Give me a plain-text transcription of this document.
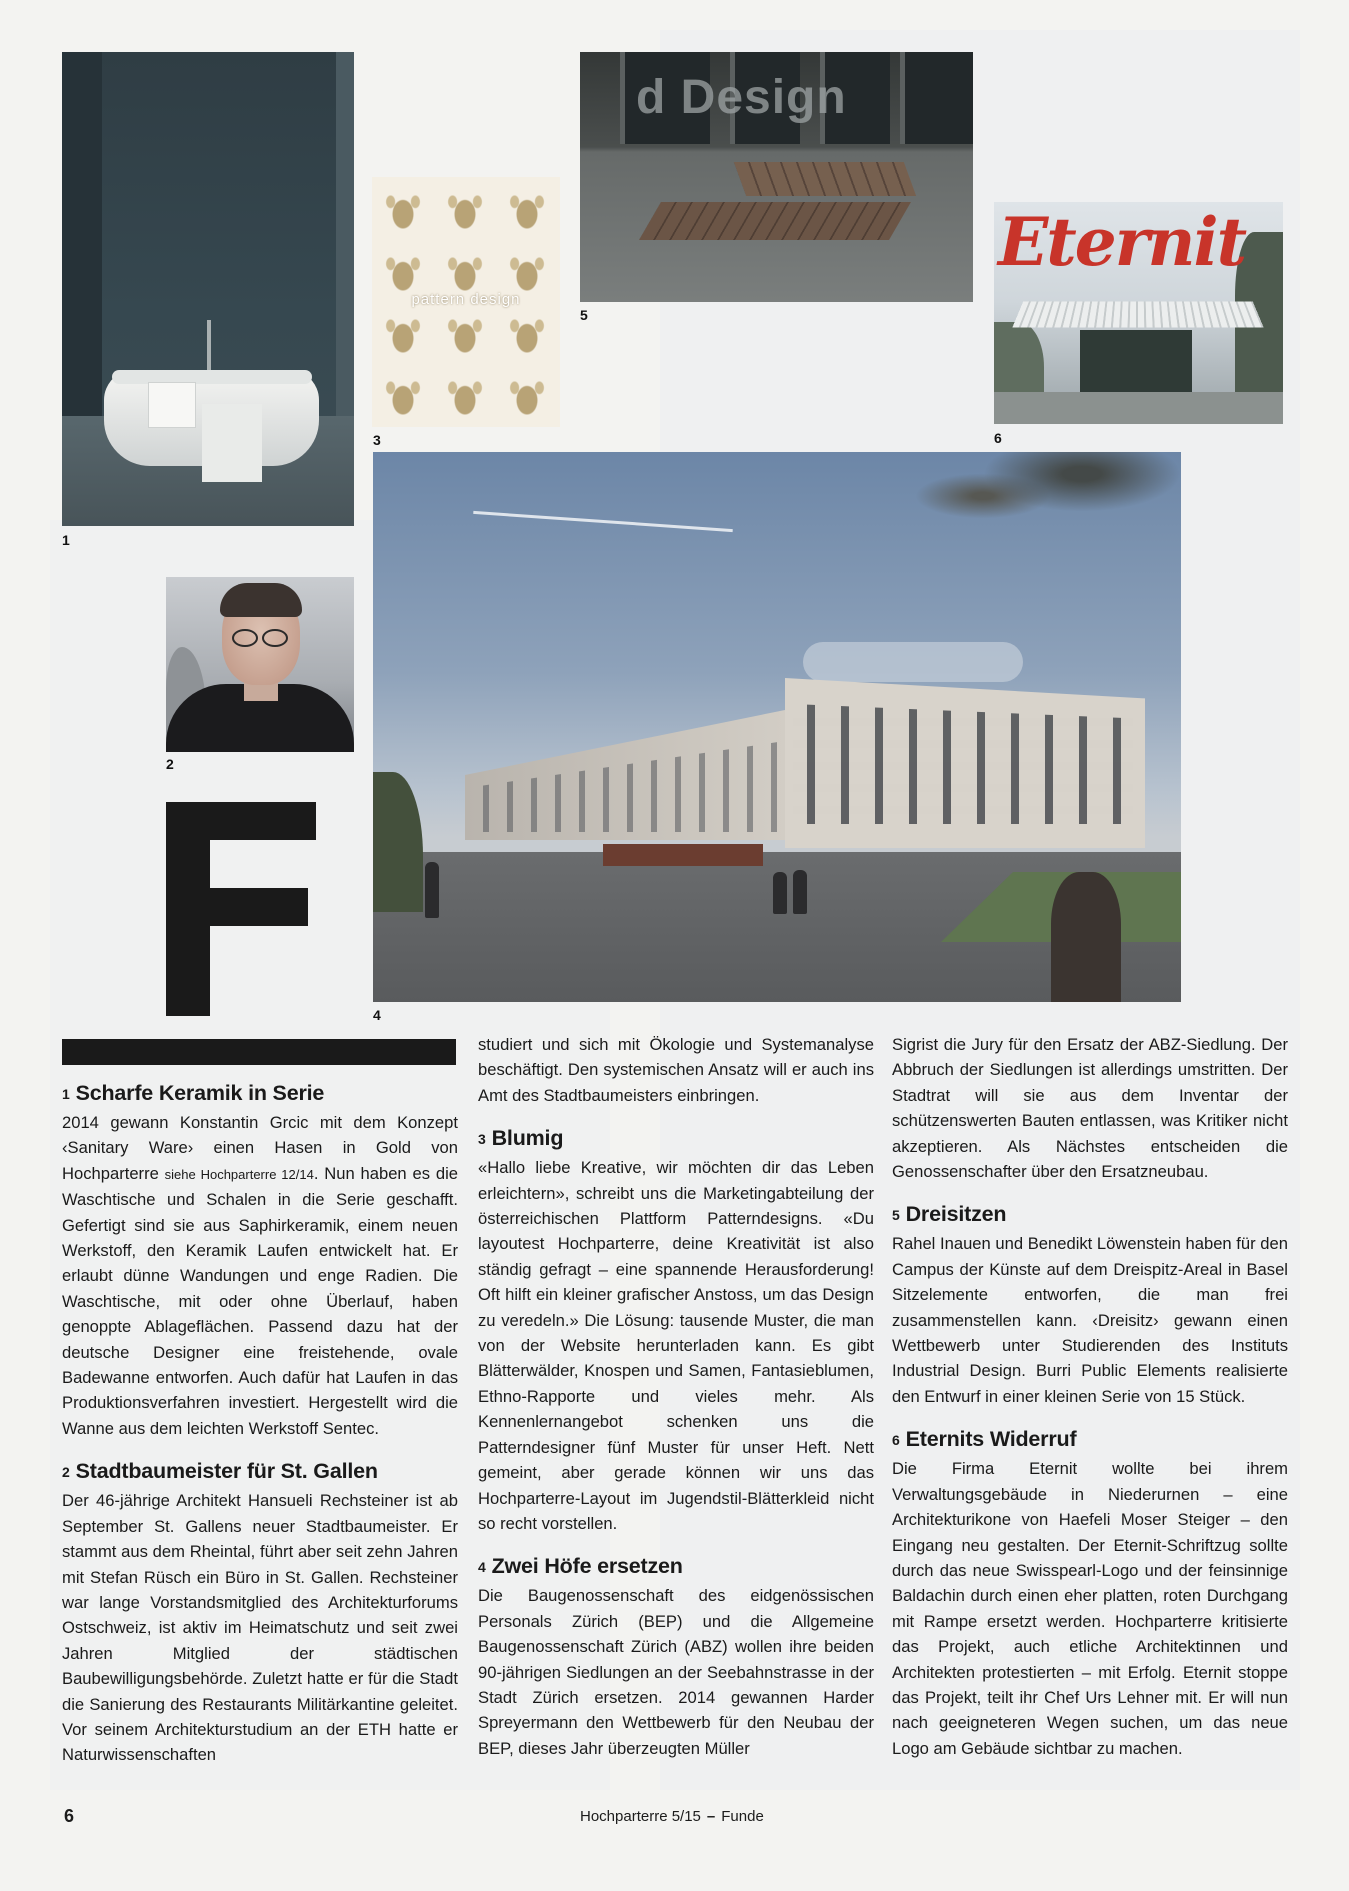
1
pattern design
3
d Design
5
Eternit
6
2
4
1 Scharfe Keramik in Serie

2014 gewann Konstantin Grcic mit dem Konzept ‹Sanitary Ware› einen Hasen in Gold von Hochparterre siehe Hochparterre 12/14. Nun haben es die Waschtische und Schalen in die Serie geschafft. Gefertigt sind sie aus Saphirkeramik, einem neuen Werkstoff, den Keramik Laufen entwickelt hat. Er erlaubt dünne Wandungen und enge Radien. Die Waschtische, mit oder ohne Überlauf, haben genoppte Ablageflächen. Passend dazu hat der deutsche Designer eine freistehende, ovale Badewanne entworfen. Auch dafür hat Laufen in das Produktionsverfahren investiert. Hergestellt wird die Wanne aus dem leichten Werkstoff Sentec.

2 Stadtbaumeister für St. Gallen

Der 46-jährige Architekt Hansueli Rechsteiner ist ab September St. Gallens neuer Stadtbaumeister. Er stammt aus dem Rheintal, führt aber seit zehn Jahren mit Stefan Rüsch ein Büro in St. Gallen. Rechsteiner war lange Vorstandsmitglied des Architekturforums Ostschweiz, ist aktiv im Heimatschutz und seit zwei Jahren Mitglied der städtischen Baubewilligungsbehörde. Zuletzt hatte er für die Stadt die Sanierung des Restaurants Militärkantine geleitet. Vor seinem Architekturstudium an der ETH hatte er Naturwissenschaften

studiert und sich mit Ökologie und Systemanalyse beschäftigt. Den systemischen Ansatz will er auch ins Amt des Stadtbaumeisters einbringen.

3 Blumig

«Hallo liebe Kreative, wir möchten dir das Leben erleichtern», schreibt uns die Marketingabteilung der österreichischen Plattform Patterndesigns. «Du layoutest Hochparterre, deine Kreativität ist also ständig gefragt – eine spannende Herausforderung! Oft hilft ein kleiner grafischer Anstoss, um das Design zu veredeln.» Die Lösung: tausende Muster, die man von der Website herunterladen kann. Es gibt Blätterwälder, Knospen und Samen, Fantasieblumen, Ethno-Rapporte und vieles mehr. Als Kennenlernangebot schenken uns die Patterndesigner fünf Muster für unser Heft. Nett gemeint, aber gerade können wir uns das Hochparterre-Layout im Jugendstil-Blätterkleid nicht so recht vorstellen.

4 Zwei Höfe ersetzen

Die Baugenossenschaft des eidgenössischen Personals Zürich (BEP) und die Allgemeine Baugenossenschaft Zürich (ABZ) wollen ihre beiden 90-jährigen Siedlungen an der Seebahnstrasse in der Stadt Zürich ersetzen. 2014 gewannen Harder Spreyermann den Wettbewerb für den Neubau der BEP, dieses Jahr überzeugten Müller

Sigrist die Jury für den Ersatz der ABZ-Siedlung. Der Abbruch der Siedlungen ist allerdings umstritten. Der Stadtrat will sie aus dem Inventar der schützenswerten Bauten entlassen, was Kritiker nicht akzeptieren. Als Nächstes entscheiden die Genossenschafter über den Ersatzneubau.

5 Dreisitzen

Rahel Inauen und Benedikt Löwenstein haben für den Campus der Künste auf dem Dreispitz-Areal in Basel Sitzelemente entworfen, die man frei zusammenstellen kann. ‹Dreisitz› gewann einen Wettbewerb unter Studierenden des Instituts Industrial Design. Burri Public Elements realisierte den Entwurf in einer kleinen Serie von 15 Stück.

6 Eternits Widerruf

Die Firma Eternit wollte bei ihrem Verwaltungsgebäude in Niederurnen – eine Architekturikone von Haefeli Moser Steiger – den Eingang neu gestalten. Der Eternit-Schriftzug sollte durch das neue Swisspearl-Logo und der feinsinnige Baldachin durch einen eher platten, roten Durchgang mit Rampe ersetzt werden. Hochparterre kritisierte das Projekt, auch etliche Architektinnen und Architekten protestierten – mit Erfolg. Eternit stoppe das Projekt, teilt ihr Chef Urs Lehner mit. Er will nun nach geeigneteren Wegen suchen, um das neue Logo am Gebäude sichtbar zu machen.

6	Hochparterre 5/15 – Funde
